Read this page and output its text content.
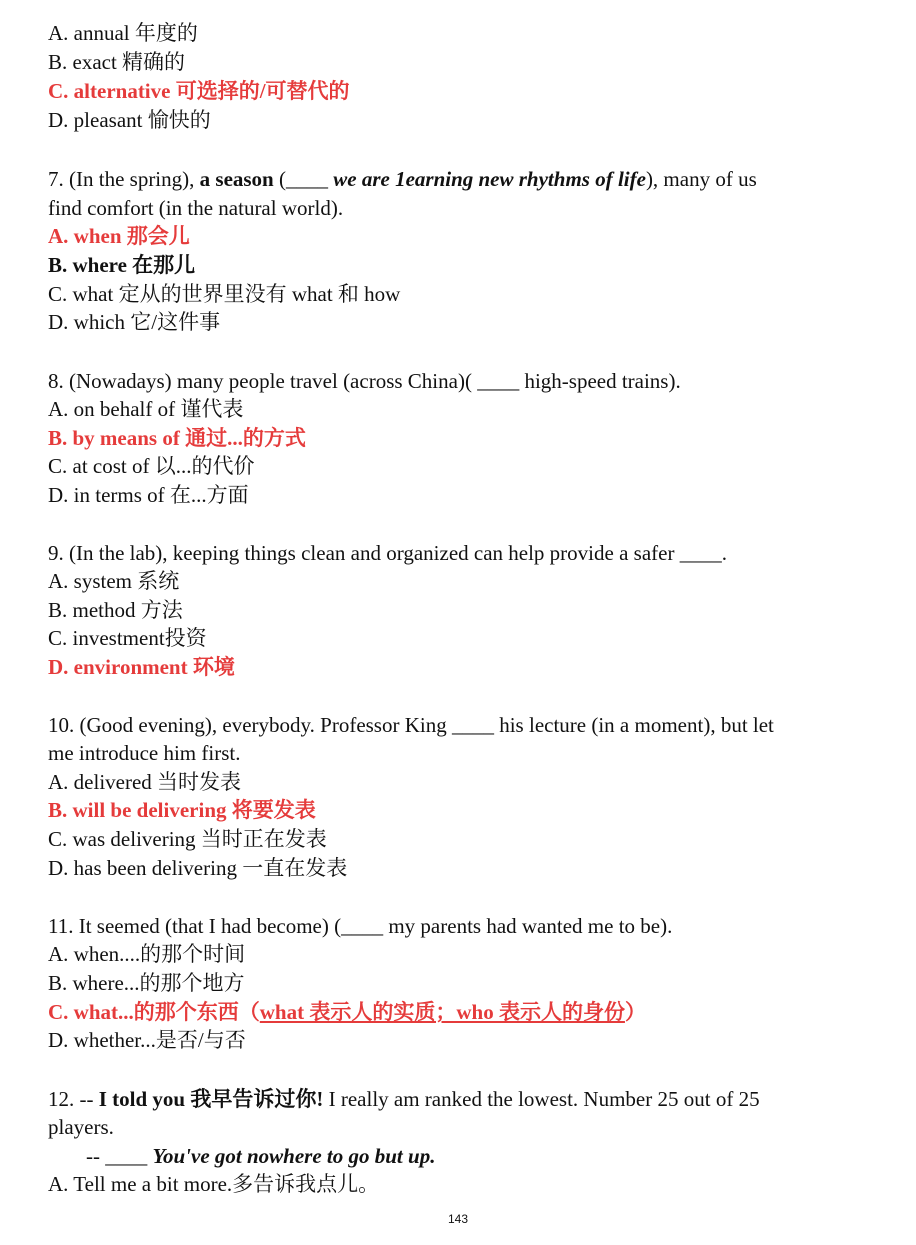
A. annual 年度的
B. exact 精确的
C. alternative 可选择的/可替代的
D. pleasant 愉快的
7. (In the spring), a season (____ we are 1earning new rhythms of life), many of us
find comfort (in the natural world).
A. when 那会儿
B. where 在那儿
C. what 定从的世界里没有 what 和 how
D. which 它/这件事
8. (Nowadays) many people travel (across China)( ____ high-speed trains).
A. on behalf of 谨代表
B. by means of 通过...的方式
C. at cost of 以...的代价
D. in terms of 在...方面
9. (In the lab), keeping things clean and organized can help provide a safer ____.
A. system 系统
B. method 方法
C. investment投资
D. environment 环境
10. (Good evening), everybody. Professor King ____ his lecture (in a moment), but let
me introduce him first.
A. delivered 当时发表
B. will be delivering 将要发表
C. was delivering 当时正在发表
D. has been delivering 一直在发表
11. It seemed (that I had become) (____ my parents had wanted me to be).
A. when....的那个时间
B. where...的那个地方
C. what...的那个东西（what 表示人的实质；who 表示人的身份）
D. whether...是否/与否
12. -- I told you 我早告诉过你! I really am ranked the lowest. Number 25 out of 25
players.
-- ____ You've got nowhere to go but up.
A. Tell me a bit more.多告诉我点儿。
143
